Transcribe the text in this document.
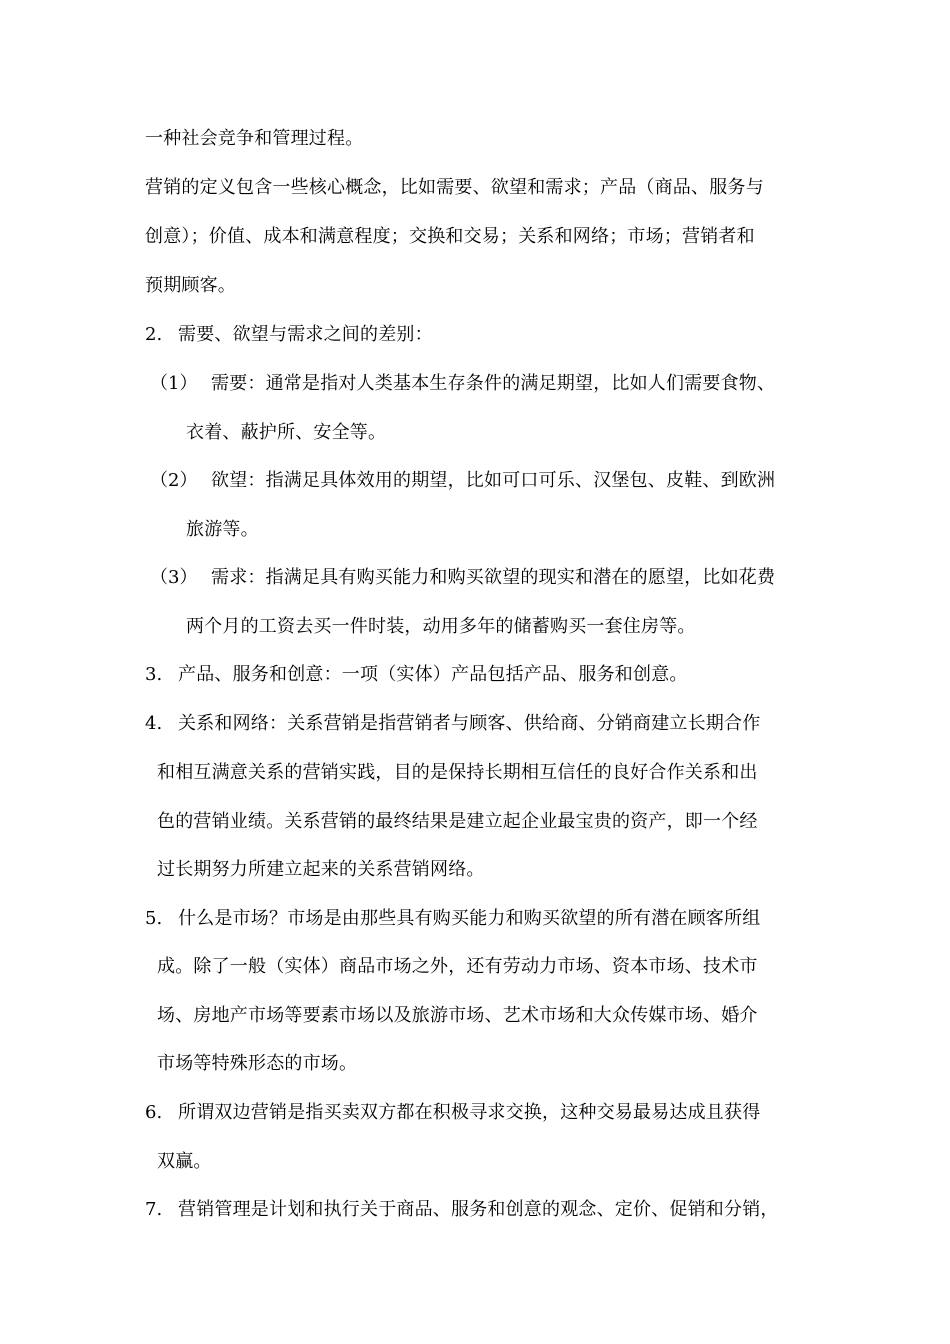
一种社会竞争和管理过程。
营销的定义包含一些核心概念，比如需要、欲望和需求；产品（商品、服务与
创意）；价值、成本和满意程度；交换和交易；关系和网络；市场；营销者和
预期顾客。
2. 需要、欲望与需求之间的差别：
（1） 需要：通常是指对人类基本生存条件的满足期望，比如人们需要食物、
衣着、蔽护所、安全等。
（2） 欲望：指满足具体效用的期望，比如可口可乐、汉堡包、皮鞋、到欧洲
旅游等。
（3） 需求：指满足具有购买能力和购买欲望的现实和潜在的愿望，比如花费
两个月的工资去买一件时装，动用多年的储蓄购买一套住房等。
3. 产品、服务和创意：一项（实体）产品包括产品、服务和创意。
4. 关系和网络：关系营销是指营销者与顾客、供给商、分销商建立长期合作
和相互满意关系的营销实践，目的是保持长期相互信任的良好合作关系和出
色的营销业绩。关系营销的最终结果是建立起企业最宝贵的资产，即一个经
过长期努力所建立起来的关系营销网络。
5. 什么是市场？市场是由那些具有购买能力和购买欲望的所有潜在顾客所组
成。除了一般（实体）商品市场之外，还有劳动力市场、资本市场、技术市
场、房地产市场等要素市场以及旅游市场、艺术市场和大众传媒市场、婚介
市场等特殊形态的市场。
6. 所谓双边营销是指买卖双方都在积极寻求交换，这种交易最易达成且获得
双赢。
7. 营销管理是计划和执行关于商品、服务和创意的观念、定价、促销和分销，
